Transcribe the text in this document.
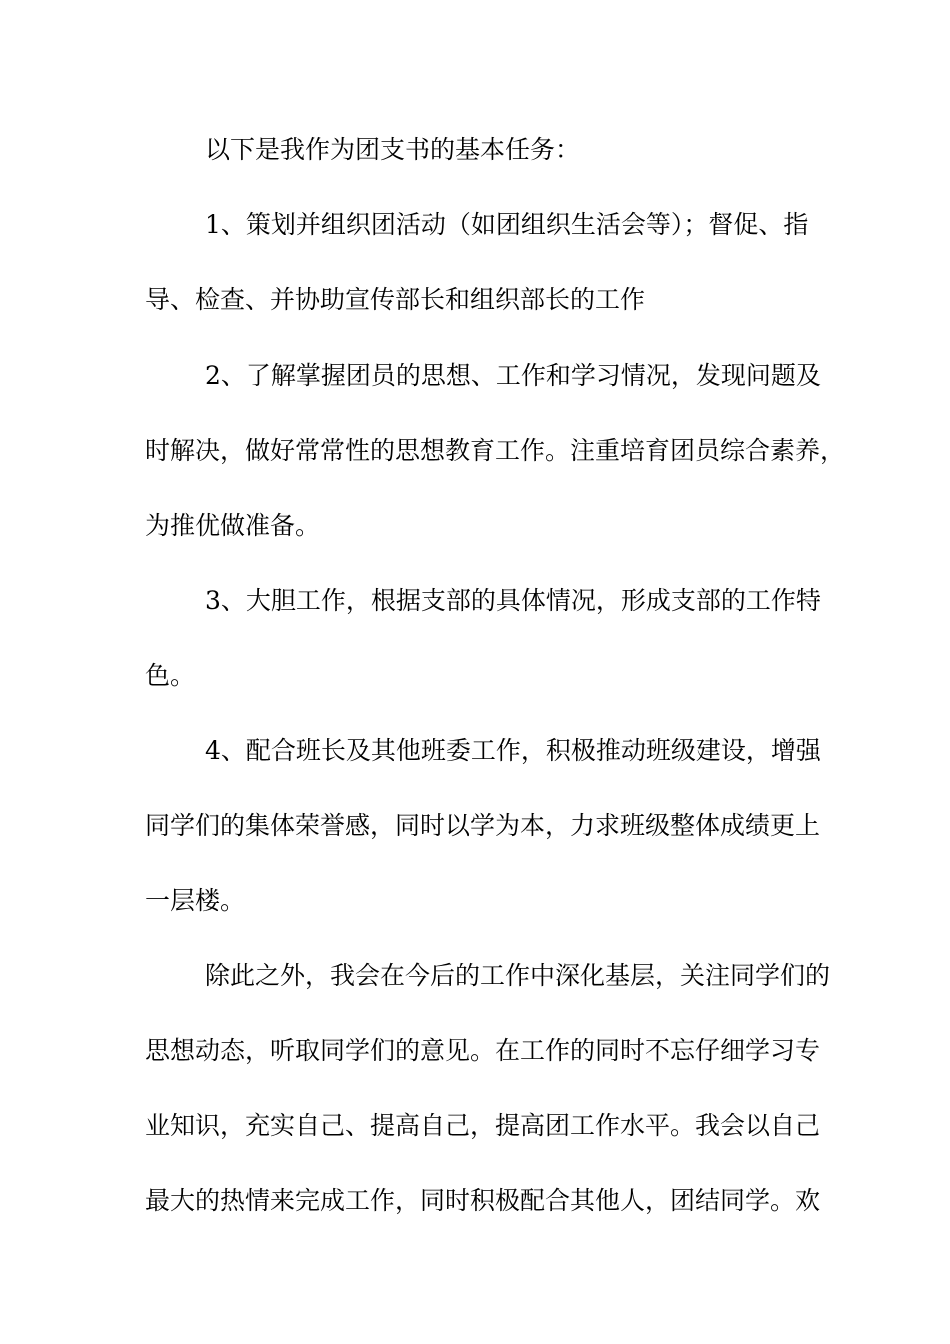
以下是我作为团支书的基本任务：
1、策划并组织团活动（如团组织生活会等）；督促、指
导、检查、并协助宣传部长和组织部长的工作
2、了解掌握团员的思想、工作和学习情况，发现问题及
时解决，做好常常性的思想教育工作。注重培育团员综合素养，
为推优做准备。
3、大胆工作，根据支部的具体情况，形成支部的工作特
色。
4、配合班长及其他班委工作，积极推动班级建设，增强
同学们的集体荣誉感，同时以学为本，力求班级整体成绩更上
一层楼。
除此之外，我会在今后的工作中深化基层，关注同学们的
思想动态，听取同学们的意见。在工作的同时不忘仔细学习专
业知识，充实自己、提高自己，提高团工作水平。我会以自己
最大的热情来完成工作，同时积极配合其他人，团结同学。欢
